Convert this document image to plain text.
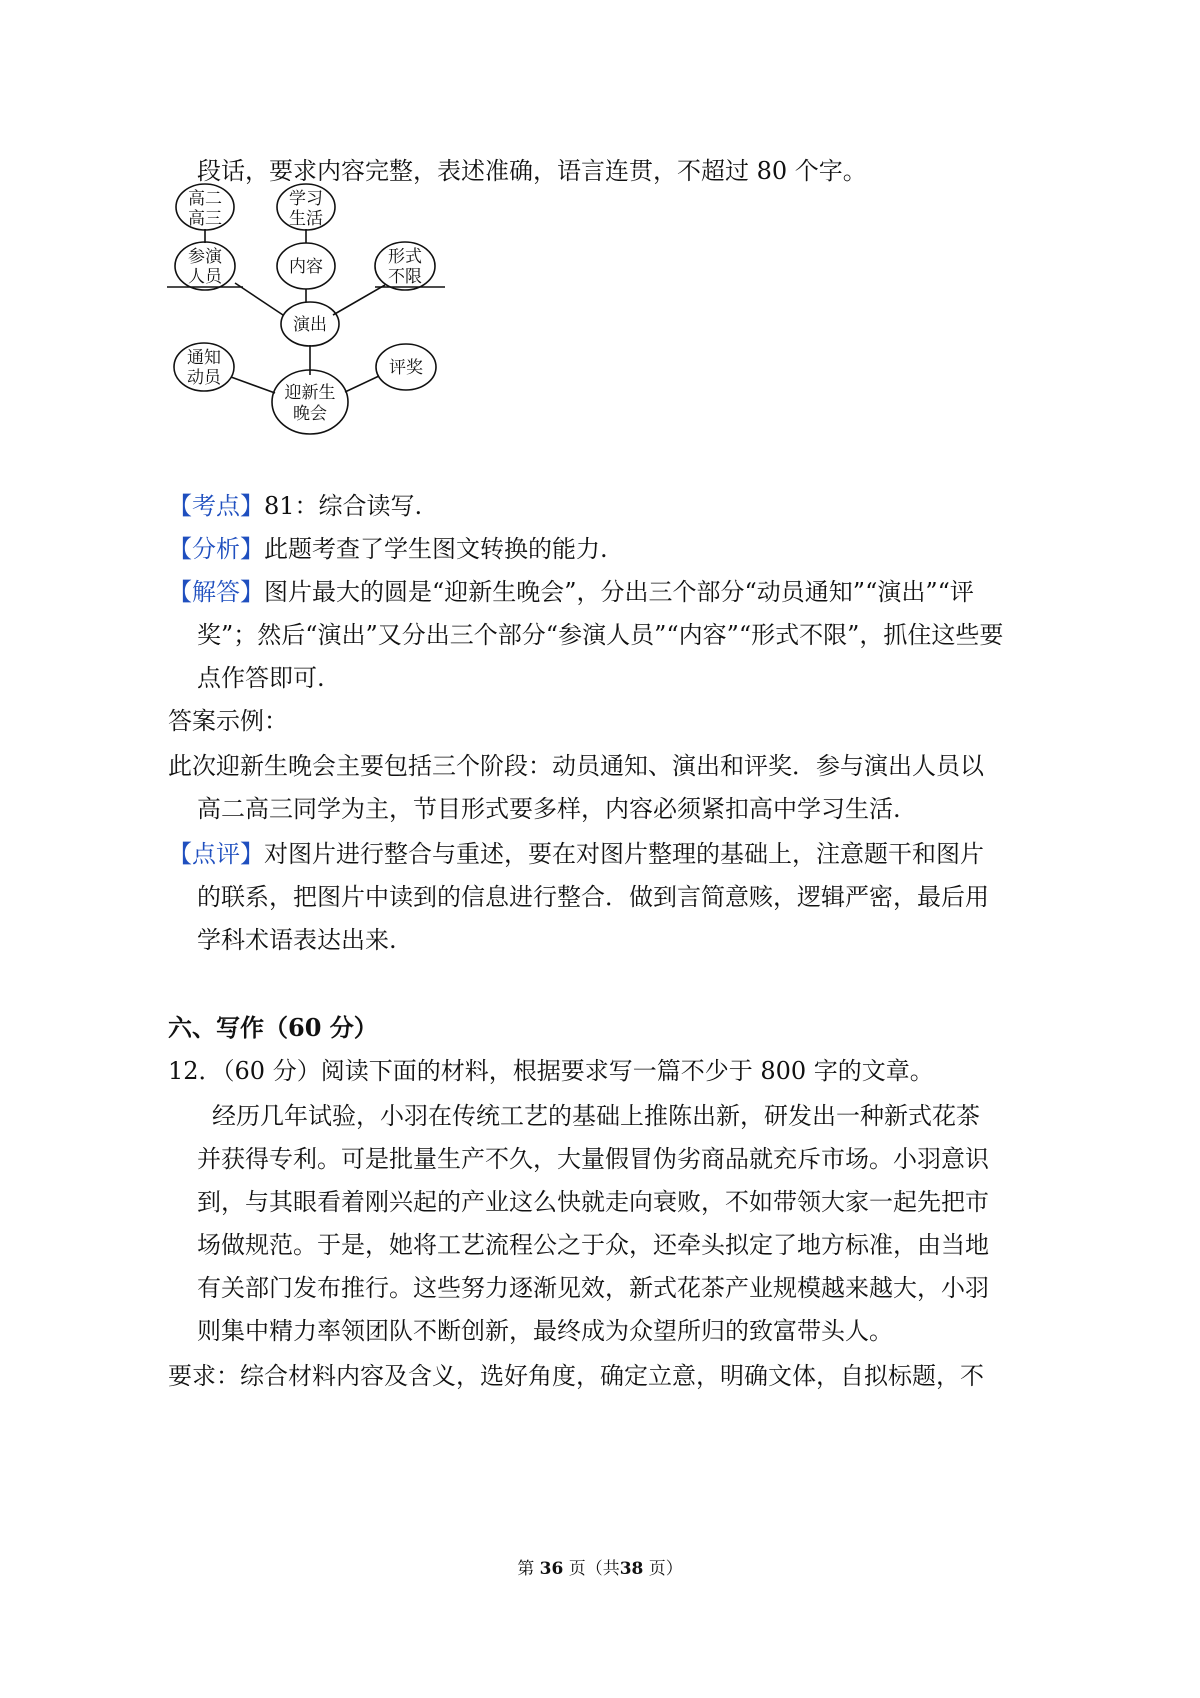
段话，要求内容完整，表述准确，语言连贯，不超过 80 个字。
高二
高三
学习
生活
参演
人员	内容	形式
不限
演出
通知
动员	评奖
迎新生
晚会
【考点】81：综合读写.
【分析】此题考查了学生图文转换的能力.
【解答】图片最大的圆是“迎新生晚会”，分出三个部分“动员通知”“演出”“评
奖”；然后“演出”又分出三个部分“参演人员”“内容”“形式不限”，抓住这些要
点作答即可.
答案示例：
此次迎新生晚会主要包括三个阶段：动员通知、演出和评奖．参与演出人员以
高二高三同学为主，节目形式要多样，内容必须紧扣高中学习生活.
【点评】对图片进行整合与重述，要在对图片整理的基础上，注意题干和图片
的联系，把图片中读到的信息进行整合．做到言简意赅，逻辑严密，最后用
学科术语表达出来.
六、写作（60 分）
12．（60 分）阅读下面的材料，根据要求写一篇不少于 800 字的文章。
经历几年试验，小羽在传统工艺的基础上推陈出新，研发出一种新式花茶
并获得专利。可是批量生产不久，大量假冒伪劣商品就充斥市场。小羽意识
到，与其眼看着刚兴起的产业这么快就走向衰败，不如带领大家一起先把市
场做规范。于是，她将工艺流程公之于众，还牵头拟定了地方标准，由当地
有关部门发布推行。这些努力逐渐见效，新式花茶产业规模越来越大，小羽
则集中精力率领团队不断创新，最终成为众望所归的致富带头人。
要求：综合材料内容及含义，选好角度，确定立意，明确文体，自拟标题，不
第 36 页（共38 页）
